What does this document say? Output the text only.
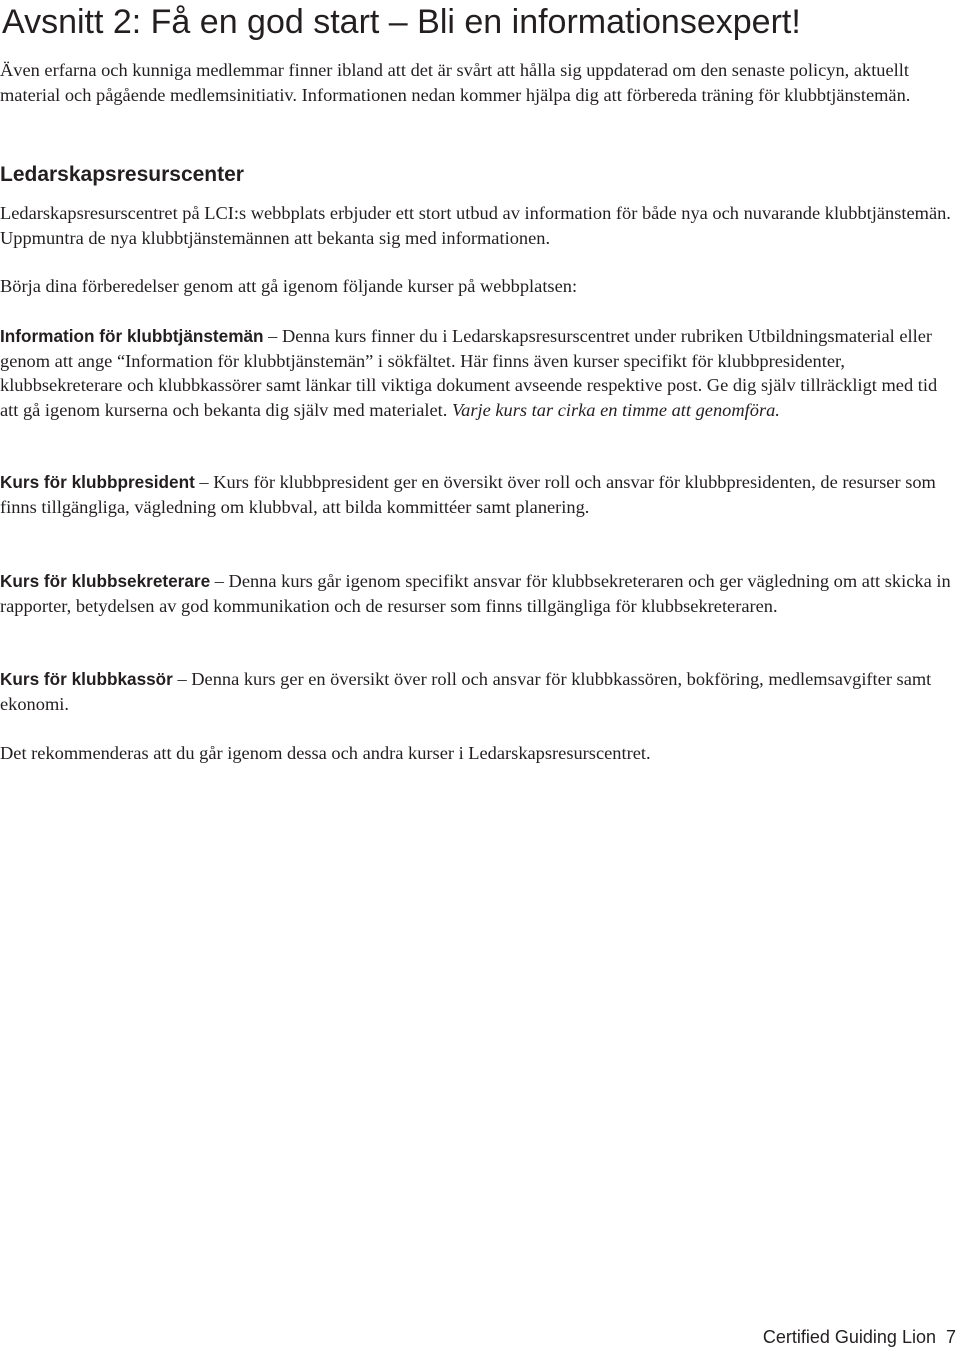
Avsnitt 2: Få en god start – Bli en informationsexpert!

Även erfarna och kunniga medlemmar finner ibland att det är svårt att hålla sig uppdaterad om den senaste policyn, aktuellt material och pågående medlemsinitiativ. Informationen nedan kommer hjälpa dig att förbereda träning för klubbtjänstemän.

Ledarskapsresurscenter

Ledarskapsresurscentret på LCI:s webbplats erbjuder ett stort utbud av information för både nya och nuvarande klubbtjänstemän. Uppmuntra de nya klubbtjänstemännen att bekanta sig med informationen.

Börja dina förberedelser genom att gå igenom följande kurser på webbplatsen:

Information för klubbtjänstemän – Denna kurs finner du i Ledarskapsresurscentret under rubriken Utbildningsmaterial eller genom att ange “Information för klubbtjänstemän” i sökfältet. Här finns även kurser specifikt för klubbpresidenter, klubbsekreterare och klubbkassörer samt länkar till viktiga dokument avseende respektive post. Ge dig själv tillräckligt med tid att gå igenom kurserna och bekanta dig själv med materialet. Varje kurs tar cirka en timme att genomföra.

Kurs för klubbpresident – Kurs för klubbpresident ger en översikt över roll och ansvar för klubbpresidenten, de resurser som finns tillgängliga, vägledning om klubbval, att bilda kommittéer samt planering.

Kurs för klubbsekreterare – Denna kurs går igenom specifikt ansvar för klubbsekreteraren och ger vägledning om att skicka in rapporter, betydelsen av god kommunikation och de resurser som finns tillgängliga för klubbsekreteraren.

Kurs för klubbkassör – Denna kurs ger en översikt över roll och ansvar för klubbkassören, bokföring, medlemsavgifter samt ekonomi.

Det rekommenderas att du går igenom dessa och andra kurser i Ledarskapsresurscentret.

Certified Guiding Lion 7
